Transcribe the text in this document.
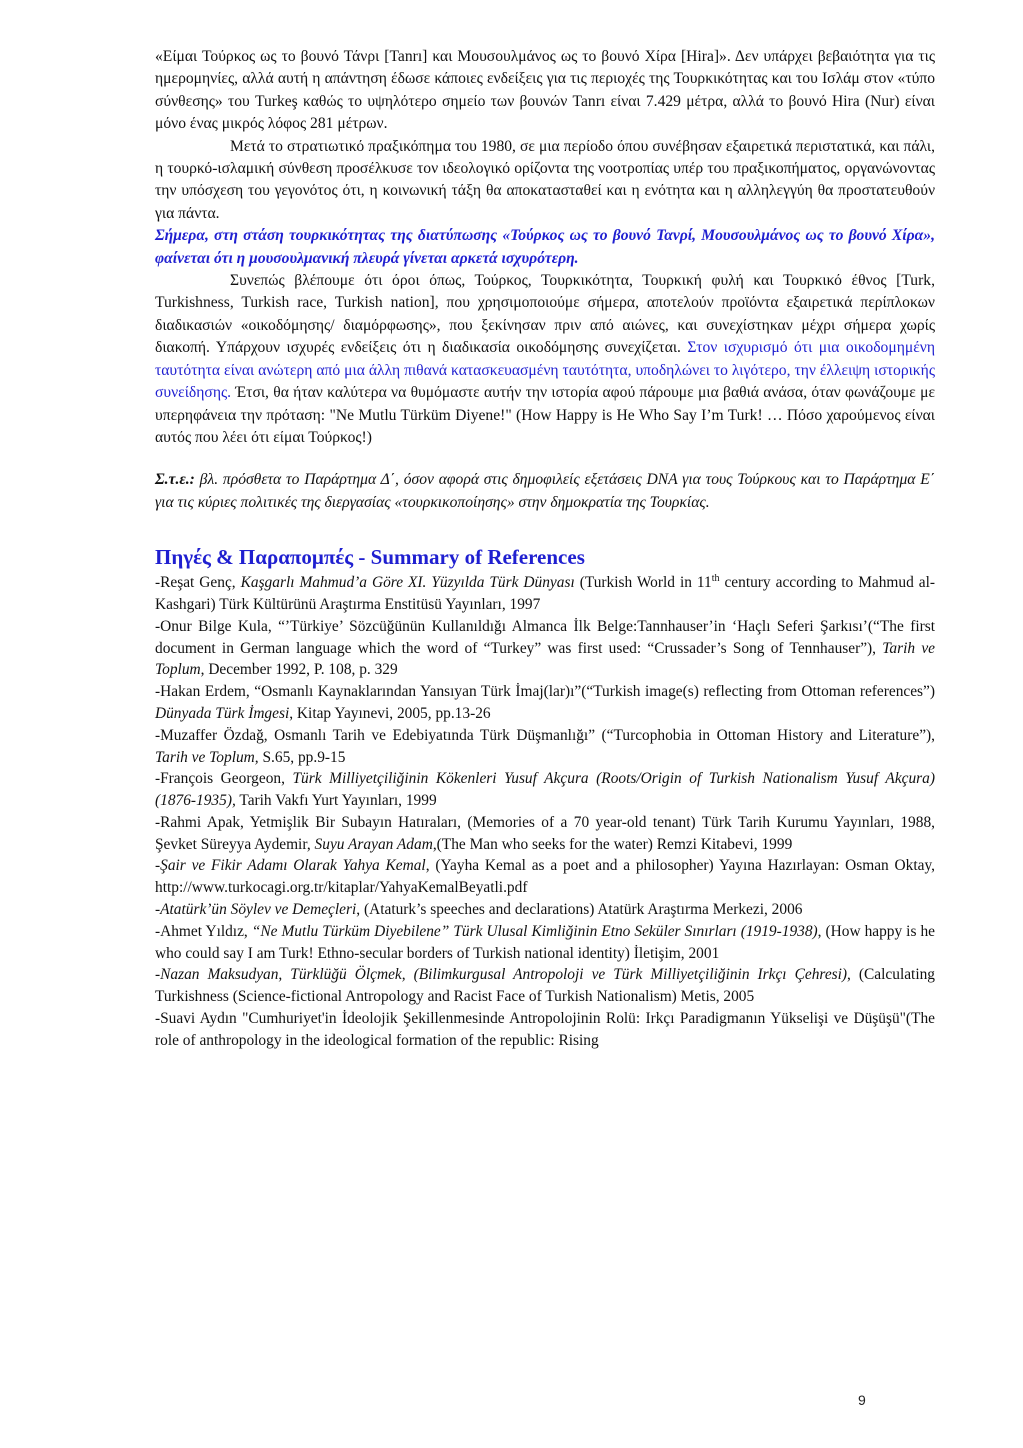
«Είμαι Τούρκος ως το βουνό Τάνρι [Tanrı] και Μουσουλμάνος ως το βουνό Χίρα [Hira]». Δεν υπάρχει βεβαιότητα για τις ημερομηνίες, αλλά αυτή η απάντηση έδωσε κάποιες ενδείξεις για τις περιοχές της Τουρκικότητας και του Ισλάμ στον «τύπο σύνθεσης» του Turkeş καθώς το υψηλότερο σημείο των βουνών Tanrı είναι 7.429 μέτρα, αλλά το βουνό Hira (Nur) είναι μόνο ένας μικρός λόφος 281 μέτρων.

Μετά το στρατιωτικό πραξικόπημα του 1980, σε μια περίοδο όπου συνέβησαν εξαιρετικά περιστατικά, και πάλι, η τουρκό-ισλαμική σύνθεση προσέλκυσε τον ιδεολογικό ορίζοντα της νοοτροπίας υπέρ του πραξικοπήματος, οργανώνοντας την υπόσχεση του γεγονότος ότι, η κοινωνική τάξη θα αποκατασταθεί και η ενότητα και η αλληλεγγύη θα προστατευθούν για πάντα.

Σήμερα, στη στάση τουρκικότητας της διατύπωσης «Τούρκος ως το βουνό Τανρί, Μουσουλμάνος ως το βουνό Χίρα», φαίνεται ότι η μουσουλμανική πλευρά γίνεται αρκετά ισχυρότερη.

Συνεπώς βλέπουμε ότι όροι όπως, Τούρκος, Τουρκικότητα, Τουρκική φυλή και Τουρκικό έθνος [Turk, Turkishness, Turkish race, Turkish nation], που χρησιμοποιούμε σήμερα, αποτελούν προϊόντα εξαιρετικά περίπλοκων διαδικασιών «οικοδόμησης/ διαμόρφωσης», που ξεκίνησαν πριν από αιώνες, και συνεχίστηκαν μέχρι σήμερα χωρίς διακοπή. Υπάρχουν ισχυρές ενδείξεις ότι η διαδικασία οικοδόμησης συνεχίζεται. Στον ισχυρισμό ότι μια οικοδομημένη ταυτότητα είναι ανώτερη από μια άλλη πιθανά κατασκευασμένη ταυτότητα, υποδηλώνει το λιγότερο, την έλλειψη ιστορικής συνείδησης. Έτσι, θα ήταν καλύτερα να θυμόμαστε αυτήν την ιστορία αφού πάρουμε μια βαθιά ανάσα, όταν φωνάζουμε με υπερηφάνεια την πρόταση: "Ne Mutlu Türküm Diyene!" (How Happy is He Who Say I’m Turk! … Πόσο χαρούμενος είναι αυτός που λέει ότι είμαι Τούρκος!)

Σ.τ.ε.: βλ. πρόσθετα το Παράρτημα Δ΄, όσον αφορά στις δημοφιλείς εξετάσεις DNA για τους Τούρκους και το Παράρτημα Ε΄ για τις κύριες πολιτικές της διεργασίας «τουρκικοποίησης» στην δημοκρατία της Τουρκίας.

Πηγές & Παραπομπές - Summary of References

-Reşat Genç, Kaşgarlı Mahmud’a Göre XI. Yüzyılda Türk Dünyası (Turkish World in 11th century according to Mahmud al-Kashgari) Türk Kültürünü Araştırma Enstitüsü Yayınları, 1997

-Onur Bilge Kula, “’Türkiye’ Sözcüğünün Kullanıldığı Almanca İlk Belge:Tannhauser’in ‘Haçlı Seferi Şarkısı’(“The first document in German language which the word of “Turkey” was first used: “Crussader’s Song of Tennhauser”), Tarih ve Toplum, December 1992, P. 108, p. 329

-Hakan Erdem, “Osmanlı Kaynaklarından Yansıyan Türk İmaj(lar)ı”(“Turkish image(s) reflecting from Ottoman references”) Dünyada Türk İmgesi, Kitap Yayınevi, 2005, pp.13-26

-Muzaffer Özdağ, Osmanlı Tarih ve Edebiyatında Türk Düşmanlığı” (“Turcophobia in Ottoman History and Literature”), Tarih ve Toplum, S.65, pp.9-15

-François Georgeon, Türk Milliyetçiliğinin Kökenleri Yusuf Akçura (Roots/Origin of Turkish Nationalism Yusuf Akçura) (1876-1935), Tarih Vakfı Yurt Yayınları, 1999

-Rahmi Apak, Yetmişlik Bir Subayın Hatıraları, (Memories of a 70 year-old tenant) Türk Tarih Kurumu Yayınları, 1988, Şevket Süreyya Aydemir, Suyu Arayan Adam,(The Man who seeks for the water) Remzi Kitabevi, 1999

-Şair ve Fikir Adamı Olarak Yahya Kemal, (Yayha Kemal as a poet and a philosopher) Yayına Hazırlayan: Osman Oktay, http://www.turkocagi.org.tr/kitaplar/YahyaKemalBeyatli.pdf

-Atatürk’ün Söylev ve Demeçleri, (Ataturk’s speeches and declarations) Atatürk Araştırma Merkezi, 2006

-Ahmet Yıldız, “Ne Mutlu Türküm Diyebilene” Türk Ulusal Kimliğinin Etno Seküler Sınırları (1919-1938), (How happy is he who could say I am Turk! Ethno-secular borders of Turkish national identity) İletişim, 2001

-Nazan Maksudyan, Türklüğü Ölçmek, (Bilimkurgusal Antropoloji ve Türk Milliyetçiliğinin Irkçı Çehresi), (Calculating Turkishness (Science-fictional Antropology and Racist Face of Turkish Nationalism) Metis, 2005

-Suavi Aydın "Cumhuriyet'in İdeolojik Şekillenmesinde Antropolojinin Rolü: Irkçı Paradigmanın Yükselişi ve Düşüşü"(The role of anthropology in the ideological formation of the republic: Rising

9
